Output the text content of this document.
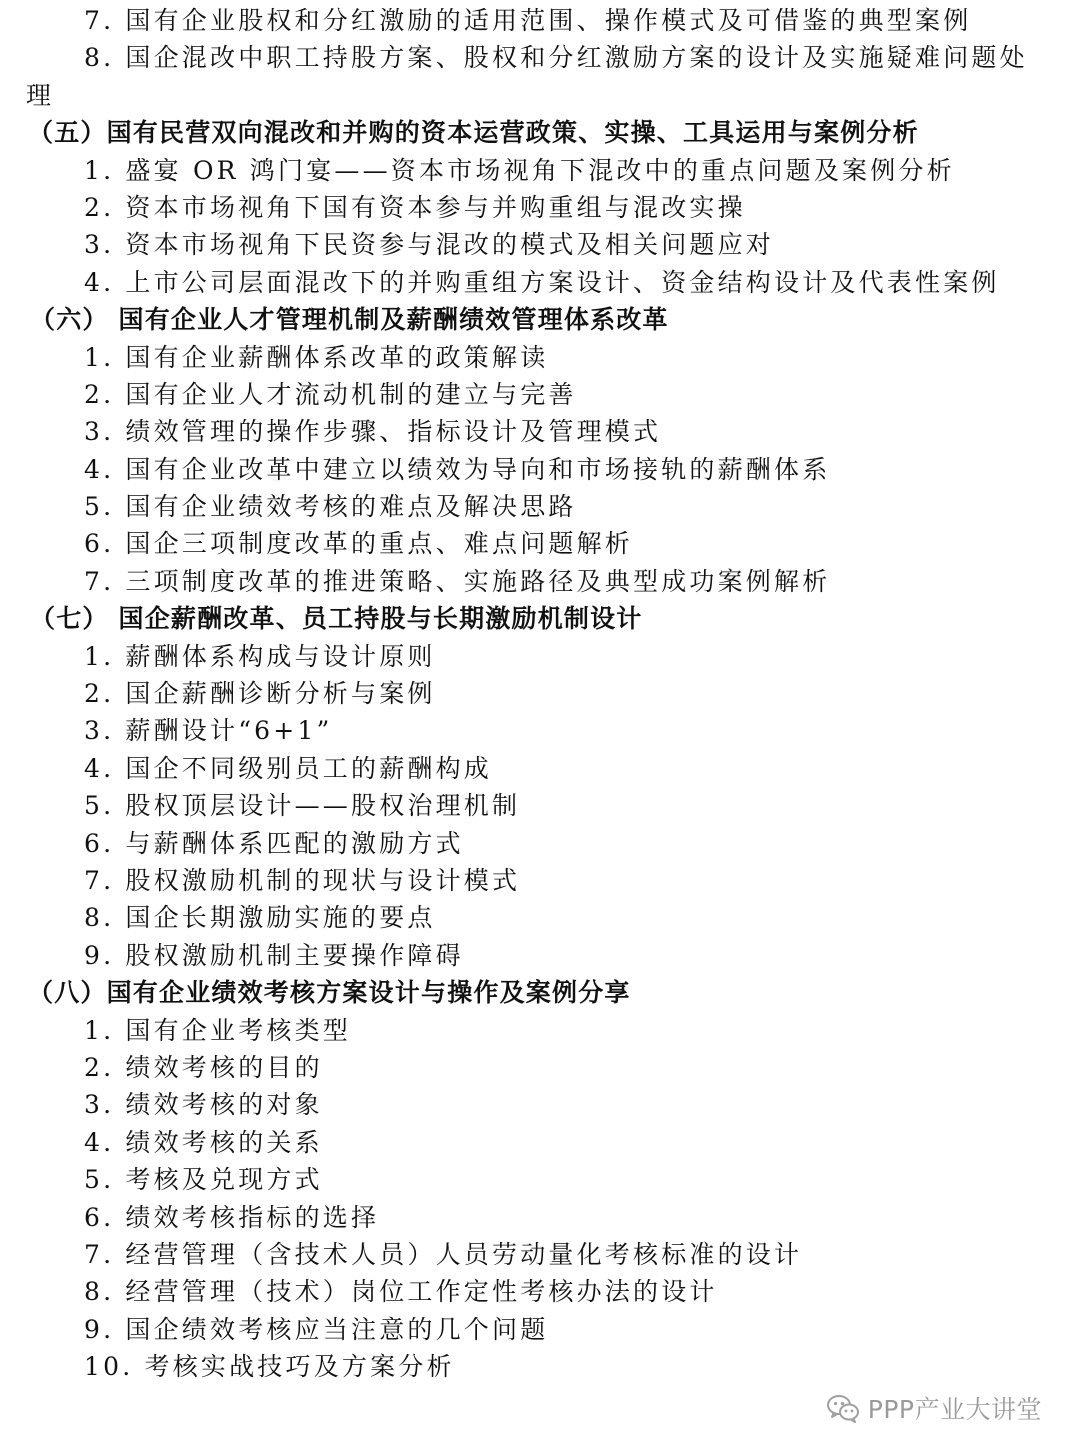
7. 国有企业股权和分红激励的适用范围、操作模式及可借鉴的典型案例
8. 国企混改中职工持股方案、股权和分红激励方案的设计及实施疑难问题处
理
（五）国有民营双向混改和并购的资本运营政策、实操、工具运用与案例分析
1. 盛宴 OR 鸿门宴——资本市场视角下混改中的重点问题及案例分析
2. 资本市场视角下国有资本参与并购重组与混改实操
3. 资本市场视角下民资参与混改的模式及相关问题应对
4. 上市公司层面混改下的并购重组方案设计、资金结构设计及代表性案例
（六） 国有企业人才管理机制及薪酬绩效管理体系改革
1. 国有企业薪酬体系改革的政策解读
2. 国有企业人才流动机制的建立与完善
3. 绩效管理的操作步骤、指标设计及管理模式
4. 国有企业改革中建立以绩效为导向和市场接轨的薪酬体系
5. 国有企业绩效考核的难点及解决思路
6. 国企三项制度改革的重点、难点问题解析
7. 三项制度改革的推进策略、实施路径及典型成功案例解析
（七） 国企薪酬改革、员工持股与长期激励机制设计
1. 薪酬体系构成与设计原则
2. 国企薪酬诊断分析与案例
3. 薪酬设计“6+1”
4. 国企不同级别员工的薪酬构成
5. 股权顶层设计——股权治理机制
6. 与薪酬体系匹配的激励方式
7. 股权激励机制的现状与设计模式
8. 国企长期激励实施的要点
9. 股权激励机制主要操作障碍
（八）国有企业绩效考核方案设计与操作及案例分享
1. 国有企业考核类型
2. 绩效考核的目的
3. 绩效考核的对象
4. 绩效考核的关系
5. 考核及兑现方式
6. 绩效考核指标的选择
7. 经营管理（含技术人员）人员劳动量化考核标准的设计
8. 经营管理（技术）岗位工作定性考核办法的设计
9. 国企绩效考核应当注意的几个问题
10. 考核实战技巧及方案分析
PPP产业大讲堂
